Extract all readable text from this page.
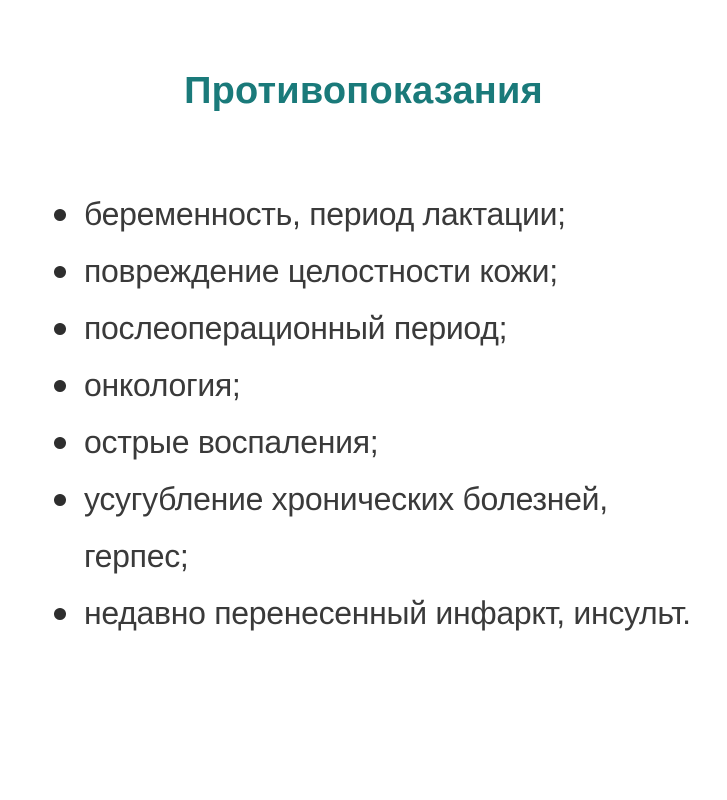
Противопоказания
беременность, период лактации;
повреждение целостности кожи;
послеоперационный период;
онкология;
острые воспаления;
усугубление хронических болезней, герпес;
недавно перенесенный инфаркт, инсульт.
